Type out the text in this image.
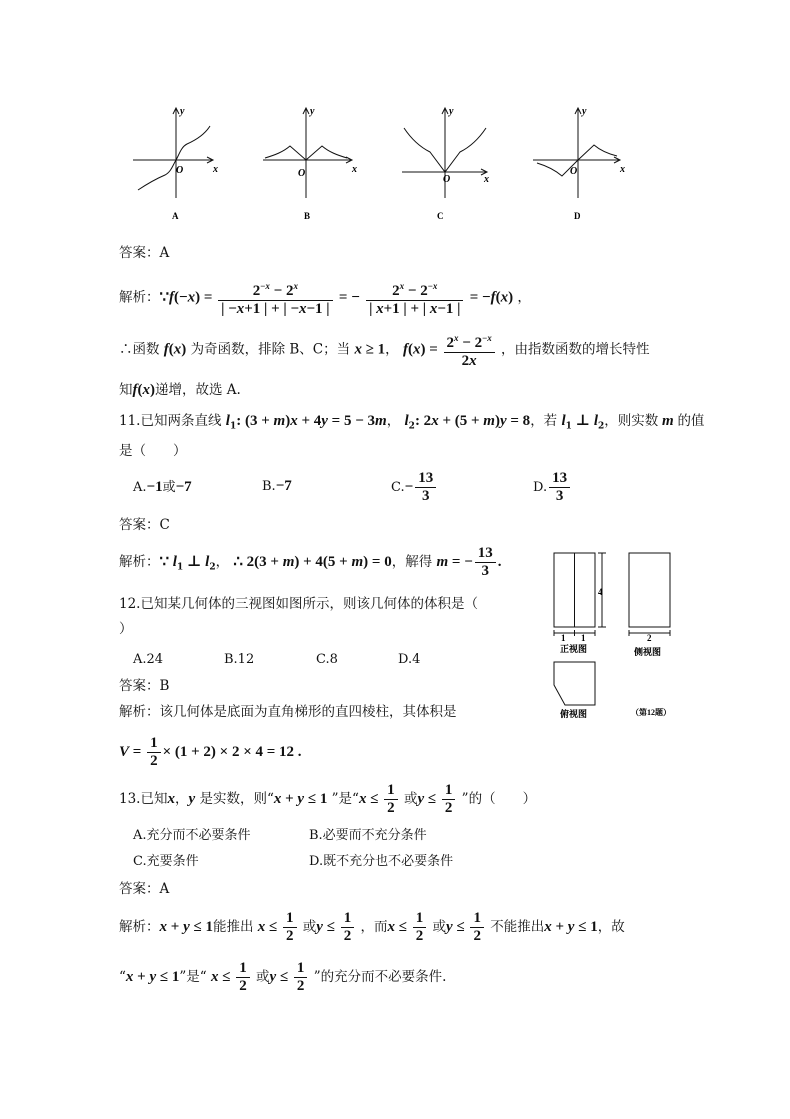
y
x
O
y
x
O
y
x
O
y
x
O
A	B	C	D
答案：A
解析：∵f(−x) = $\frac{2^{-x} - 2^x}{| -x+1 | + | -x-1 |}$ = − $\frac{2^x - 2^{-x}}{| x+1 | + | x-1 |} = -f(x)$ ，
∴函数 f(x) 为奇函数，排除 B、C；当 x ≥ 1， $f(x) = \frac{2^x - 2^{-x}}{2x}$ ，由指数函数的增长特性
知f(x)递增，故选 A.
11.已知两条直线 $l_1$: (3 + m)x + 4y = 5 − 3m， $l_2$: 2x + (5 + m)y = 8，若 $l_1$ ⊥ $l_2$，则实数 m 的值
是（　　）
A.−1或−7	B.−7	$C.- \frac{13}{3}$	D. $\frac{13}{3}$
答案：C
解析：∵ $l_1$ ⊥ $l_2$， ∴ 2(3 + m) + 4(5 + m) = 0，解得 m = − $\frac{13}{3}$ .
12.已知某几何体的三视图如图所示，则该几何体的体积是（
）
A.24	B.12	C.8	D.4
答案：B
解析：该几何体是底面为直角梯形的直四棱柱，其体积是
$V = \frac{1}{2} \times (1 + 2) \times 2 \times 4 = 12$ .
4
1 1	2
正视图	侧视图
俯视图	（第12题）
13.已知x，y 是实数，则“x + y ≤ 1 ”是“$x \le \frac{1}{2}$ 或$y \le \frac{1}{2}$ ”的（　　）
A.充分而不必要条件	B.必要而不充分条件
C.充要条件	D.既不充分也不必要条件
答案：A
解析：x + y ≤ 1能推出 $x \le \frac{1}{2}$ 或$y \le \frac{1}{2}$ ，而$x \le \frac{1}{2}$ 或$y \le \frac{1}{2}$ 不能推出x + y ≤ 1，故
“x + y ≤ 1”是“ $x \le \frac{1}{2}$ 或$y \le \frac{1}{2}$ ”的充分而不必要条件.
